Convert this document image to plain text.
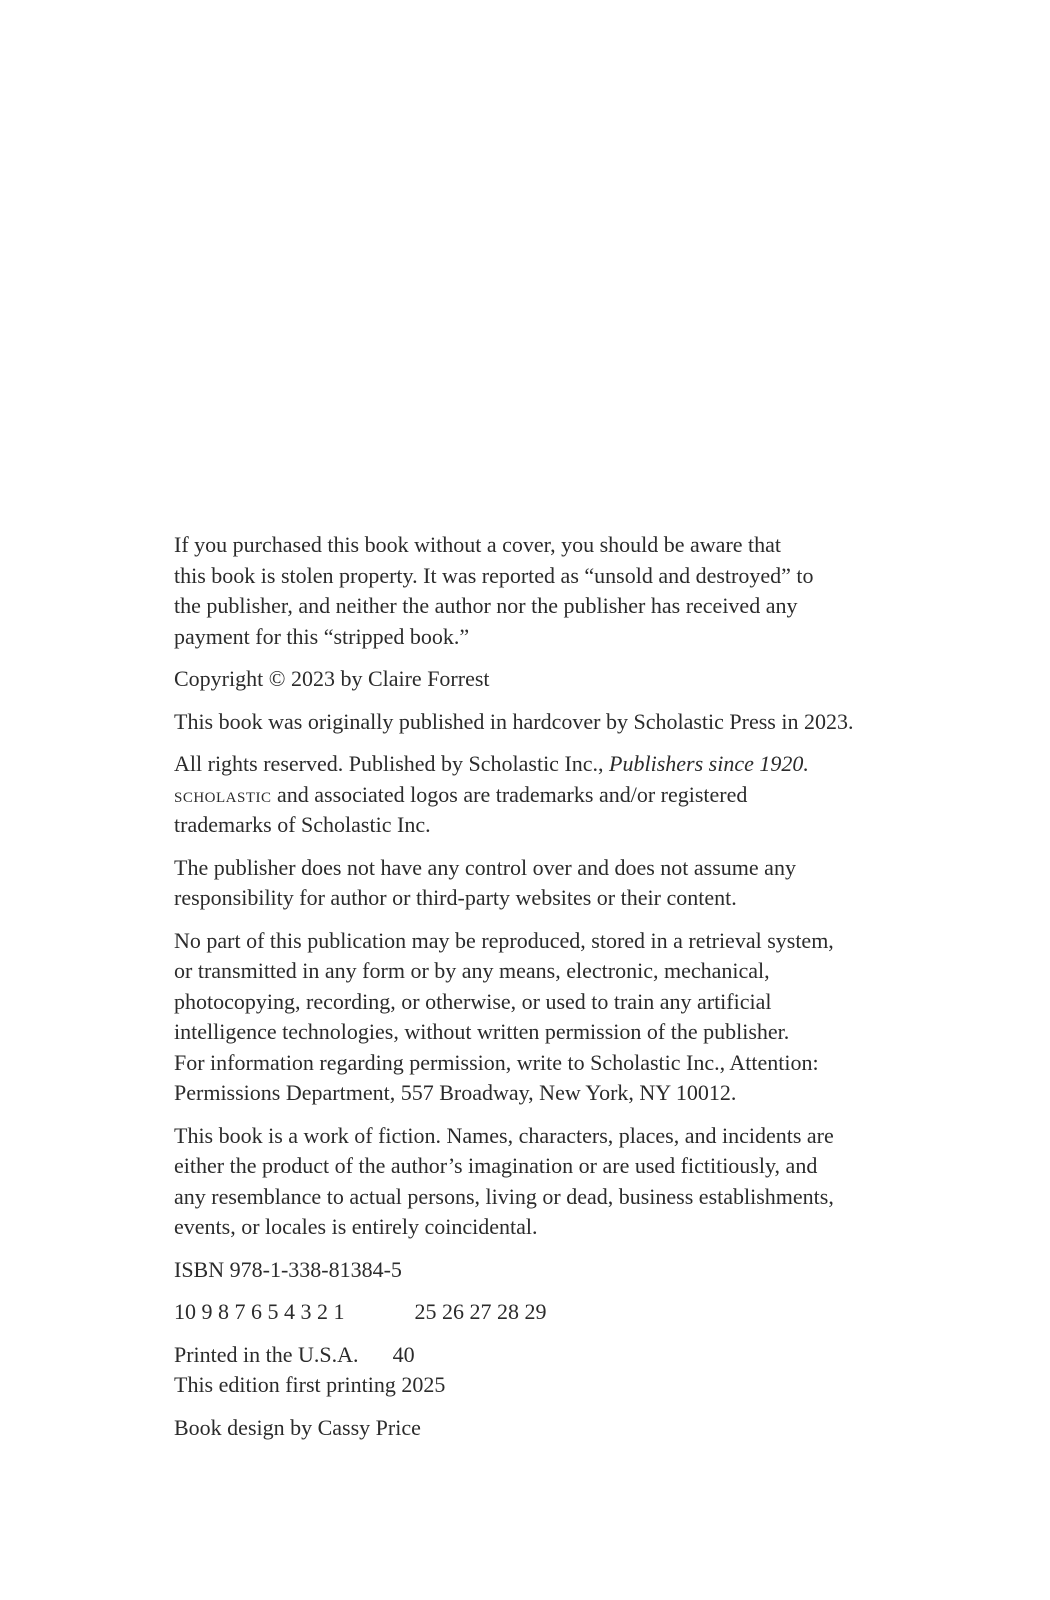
If you purchased this book without a cover, you should be aware that
this book is stolen property. It was reported as “unsold and destroyed” to
the publisher, and neither the author nor the publisher has received any
payment for this “stripped book.”

Copyright © 2023 by Claire Forrest

This book was originally published in hardcover by Scholastic Press in 2023.

All rights reserved. Published by Scholastic Inc., Publishers since 1920.
scholastic and associated logos are trademarks and/or registered
trademarks of Scholastic Inc.

The publisher does not have any control over and does not assume any
responsibility for author or third-party websites or their content.

No part of this publication may be reproduced, stored in a retrieval system,
or transmitted in any form or by any means, electronic, mechanical,
photocopying, recording, or otherwise, or used to train any artificial
intelligence technologies, without written permission of the publisher.
For information regarding permission, write to Scholastic Inc., Attention:
Permissions Department, 557 Broadway, New York, NY 10012.

This book is a work of fiction. Names, characters, places, and incidents are
either the product of the author’s imagination or are used fictitiously, and
any resemblance to actual persons, living or dead, business establishments,
events, or locales is entirely coincidental.

ISBN 978-1-338-81384-5

10 9 8 7 6 5 4 3 2 1	25 26 27 28 29

Printed in the U.S.A. 40
This edition first printing 2025

Book design by Cassy Price
